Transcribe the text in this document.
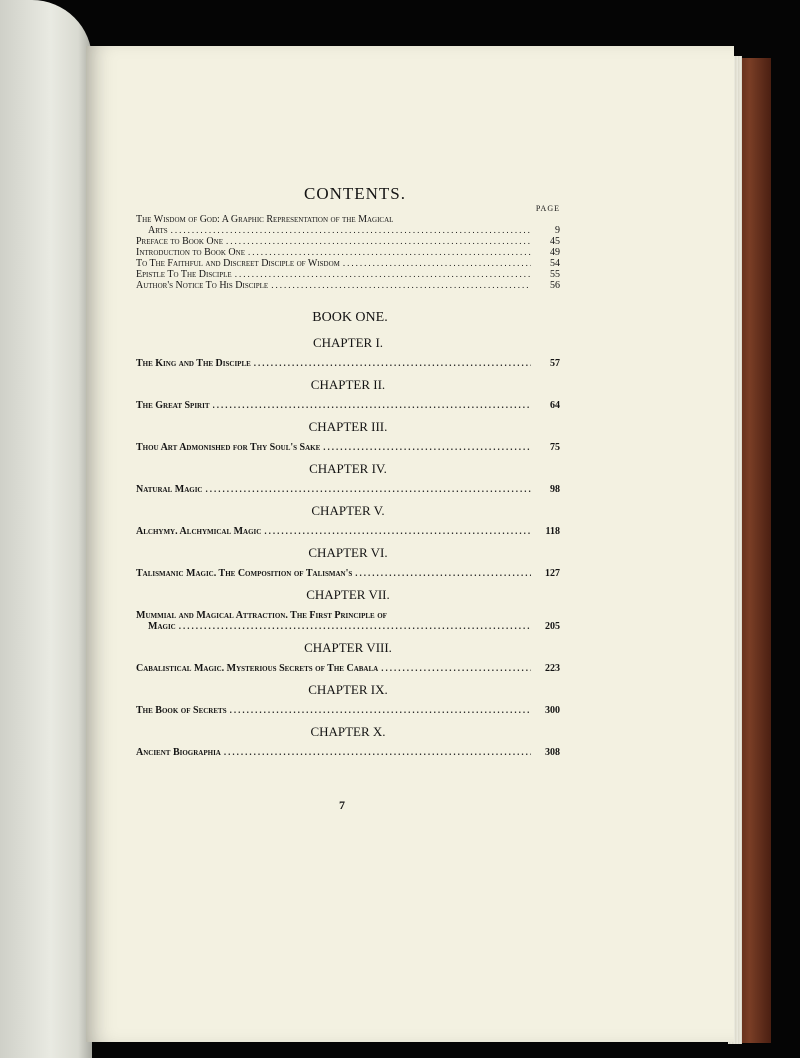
CONTENTS.
PAGE
The Wisdom of God: A Graphic Representation of the Magical
Arts .....	9
Preface to Book One .....	45
Introduction to Book One .....	49
To The Faithful and Discreet Disciple of Wisdom .....	54
Epistle To The Disciple .....	55
Author's Notice To His Disciple .....	56
BOOK ONE.
CHAPTER I.
The King and The Disciple .....	57
CHAPTER II.
The Great Spirit .....	64
CHAPTER III.
Thou Art Admonished for Thy Soul's Sake .....	75
CHAPTER IV.
Natural Magic .....	98
CHAPTER V.
Alchymy. Alchymical Magic .....	118
CHAPTER VI.
Talismanic Magic. The Composition of Talisman's .....	127
CHAPTER VII.
Mummial and Magical Attraction. The First Principle of
Magic .....	205
CHAPTER VIII.
Cabalistical Magic. Mysterious Secrets of The Cabala .....	223
CHAPTER IX.
The Book of Secrets .....	300
CHAPTER X.
Ancient Biographia .....	308
7
